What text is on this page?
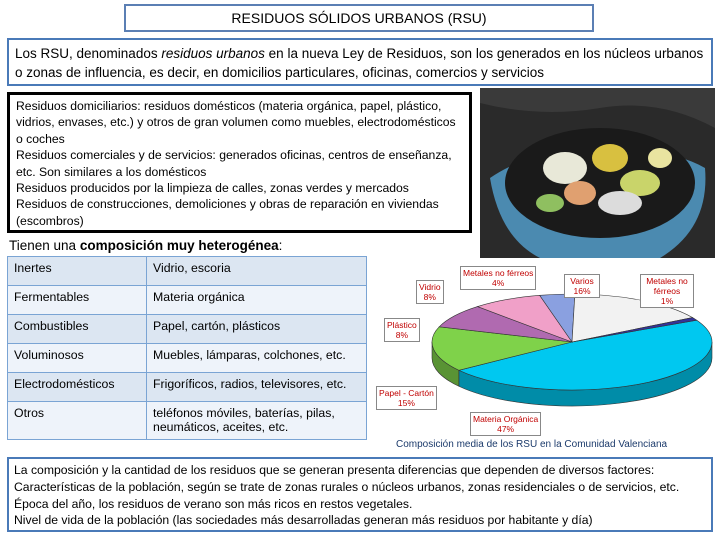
RESIDUOS SÓLIDOS URBANOS (RSU)
Los RSU, denominados residuos urbanos en la nueva Ley de Residuos, son los generados en los núcleos urbanos o zonas de influencia, es decir, en domicilios particulares, oficinas, comercios y servicios
Residuos domiciliarios: residuos domésticos (materia orgánica, papel, plástico, vidrios, envases, etc.) y otros de gran volumen como muebles, electrodomésticos o coches
Residuos comerciales y de servicios: generados oficinas, centros de enseñanza, etc. Son similares a los domésticos
Residuos producidos por la limpieza de calles, zonas verdes y mercados
Residuos de construcciones, demoliciones y obras de reparación en viviendas (escombros)
Tienen una composición muy heterogénea:
Inertes	Vidrio, escoria
Fermentables	Materia orgánica
Combustibles	Papel, cartón, plásticos
Voluminosos	Muebles, lámparas, colchones, etc.
Electrodomésticos	Frigoríficos, radios, televisores, etc.
Otros	teléfonos móviles, baterías, pilas, neumáticos, aceites, etc.
Vidrio
8%
Metales no férreos
4%	Varios
16%
Metales no
férreos
1%
Plástico
8%
Papel - Cartón
15%
Materia Orgánica
47%
Composición media de los RSU en la Comunidad Valenciana
La composición y la cantidad de los residuos que se generan presenta diferencias que dependen de diversos factores:
Características de la población, según se trate de zonas rurales o núcleos urbanos, zonas residenciales o de servicios, etc.
Época del año, los residuos de verano son más ricos en restos vegetales.
Nivel de vida de la población (las sociedades más desarrolladas generan más residuos por habitante y día)
